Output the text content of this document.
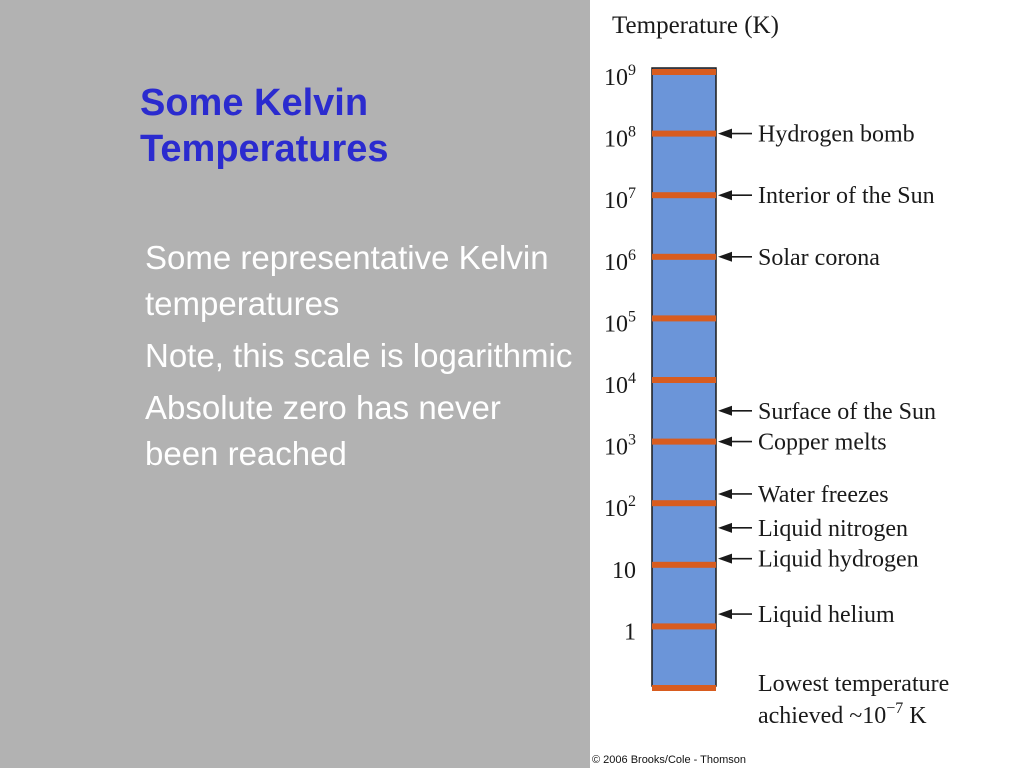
Some Kelvin Temperatures
Some representative Kelvin temperatures
Note, this scale is logarithmic
Absolute zero has never been reached
Temperature (K)
$10^9$
$10^8$
$10^7$
$10^6$
$10^5$
$10^4$
$10^3$
$10^2$
10
1
Hydrogen bomb
Interior of the Sun
Solar corona
Surface of the Sun
Copper melts
Water freezes
Liquid nitrogen
Liquid hydrogen
Liquid helium
Lowest temperature
achieved $\sim 10^{-7}$ K

© 2006 Brooks/Cole - Thomson
